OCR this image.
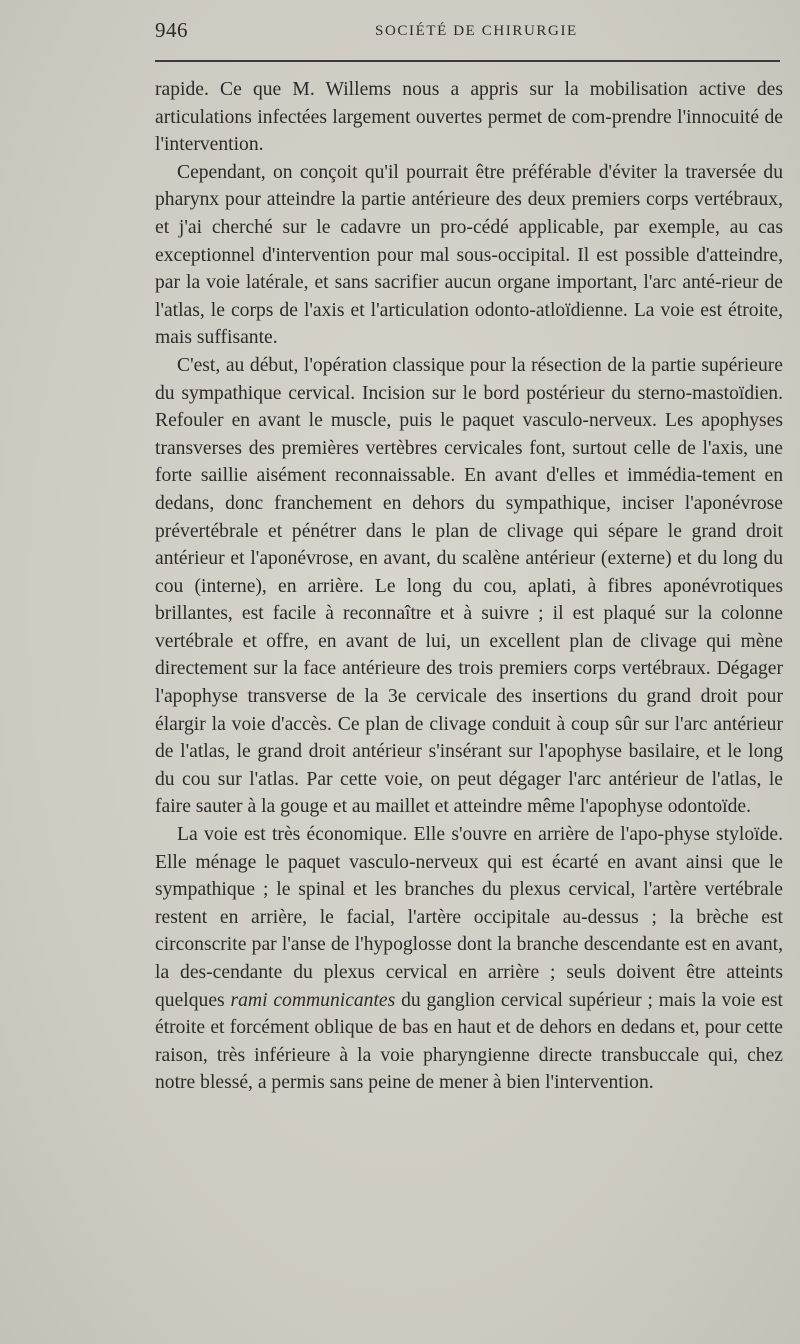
946	SOCIÉTÉ DE CHIRURGIE

rapide. Ce que M. Willems nous a appris sur la mobilisation active des articulations infectées largement ouvertes permet de com-prendre l'innocuité de l'intervention.

Cependant, on conçoit qu'il pourrait être préférable d'éviter la traversée du pharynx pour atteindre la partie antérieure des deux premiers corps vertébraux, et j'ai cherché sur le cadavre un pro-cédé applicable, par exemple, au cas exceptionnel d'intervention pour mal sous-occipital. Il est possible d'atteindre, par la voie latérale, et sans sacrifier aucun organe important, l'arc anté-rieur de l'atlas, le corps de l'axis et l'articulation odonto-atloïdienne. La voie est étroite, mais suffisante.

C'est, au début, l'opération classique pour la résection de la partie supérieure du sympathique cervical. Incision sur le bord postérieur du sterno-mastoïdien. Refouler en avant le muscle, puis le paquet vasculo-nerveux. Les apophyses transverses des premières vertèbres cervicales font, surtout celle de l'axis, une forte saillie aisément reconnaissable. En avant d'elles et immédia-tement en dedans, donc franchement en dehors du sympathique, inciser l'aponévrose prévertébrale et pénétrer dans le plan de clivage qui sépare le grand droit antérieur et l'aponévrose, en avant, du scalène antérieur (externe) et du long du cou (interne), en arrière. Le long du cou, aplati, à fibres aponévrotiques brillantes, est facile à reconnaître et à suivre ; il est plaqué sur la colonne vertébrale et offre, en avant de lui, un excellent plan de clivage qui mène directement sur la face antérieure des trois premiers corps vertébraux. Dégager l'apophyse transverse de la 3e cervicale des insertions du grand droit pour élargir la voie d'accès. Ce plan de clivage conduit à coup sûr sur l'arc antérieur de l'atlas, le grand droit antérieur s'insérant sur l'apophyse basilaire, et le long du cou sur l'atlas. Par cette voie, on peut dégager l'arc antérieur de l'atlas, le faire sauter à la gouge et au maillet et atteindre même l'apophyse odontoïde.

La voie est très économique. Elle s'ouvre en arrière de l'apo-physe styloïde. Elle ménage le paquet vasculo-nerveux qui est écarté en avant ainsi que le sympathique ; le spinal et les branches du plexus cervical, l'artère vertébrale restent en arrière, le facial, l'artère occipitale au-dessus ; la brèche est circonscrite par l'anse de l'hypoglosse dont la branche descendante est en avant, la des-cendante du plexus cervical en arrière ; seuls doivent être atteints quelques rami communicantes du ganglion cervical supérieur ; mais la voie est étroite et forcément oblique de bas en haut et de dehors en dedans et, pour cette raison, très inférieure à la voie pharyngienne directe transbuccale qui, chez notre blessé, a permis sans peine de mener à bien l'intervention.
